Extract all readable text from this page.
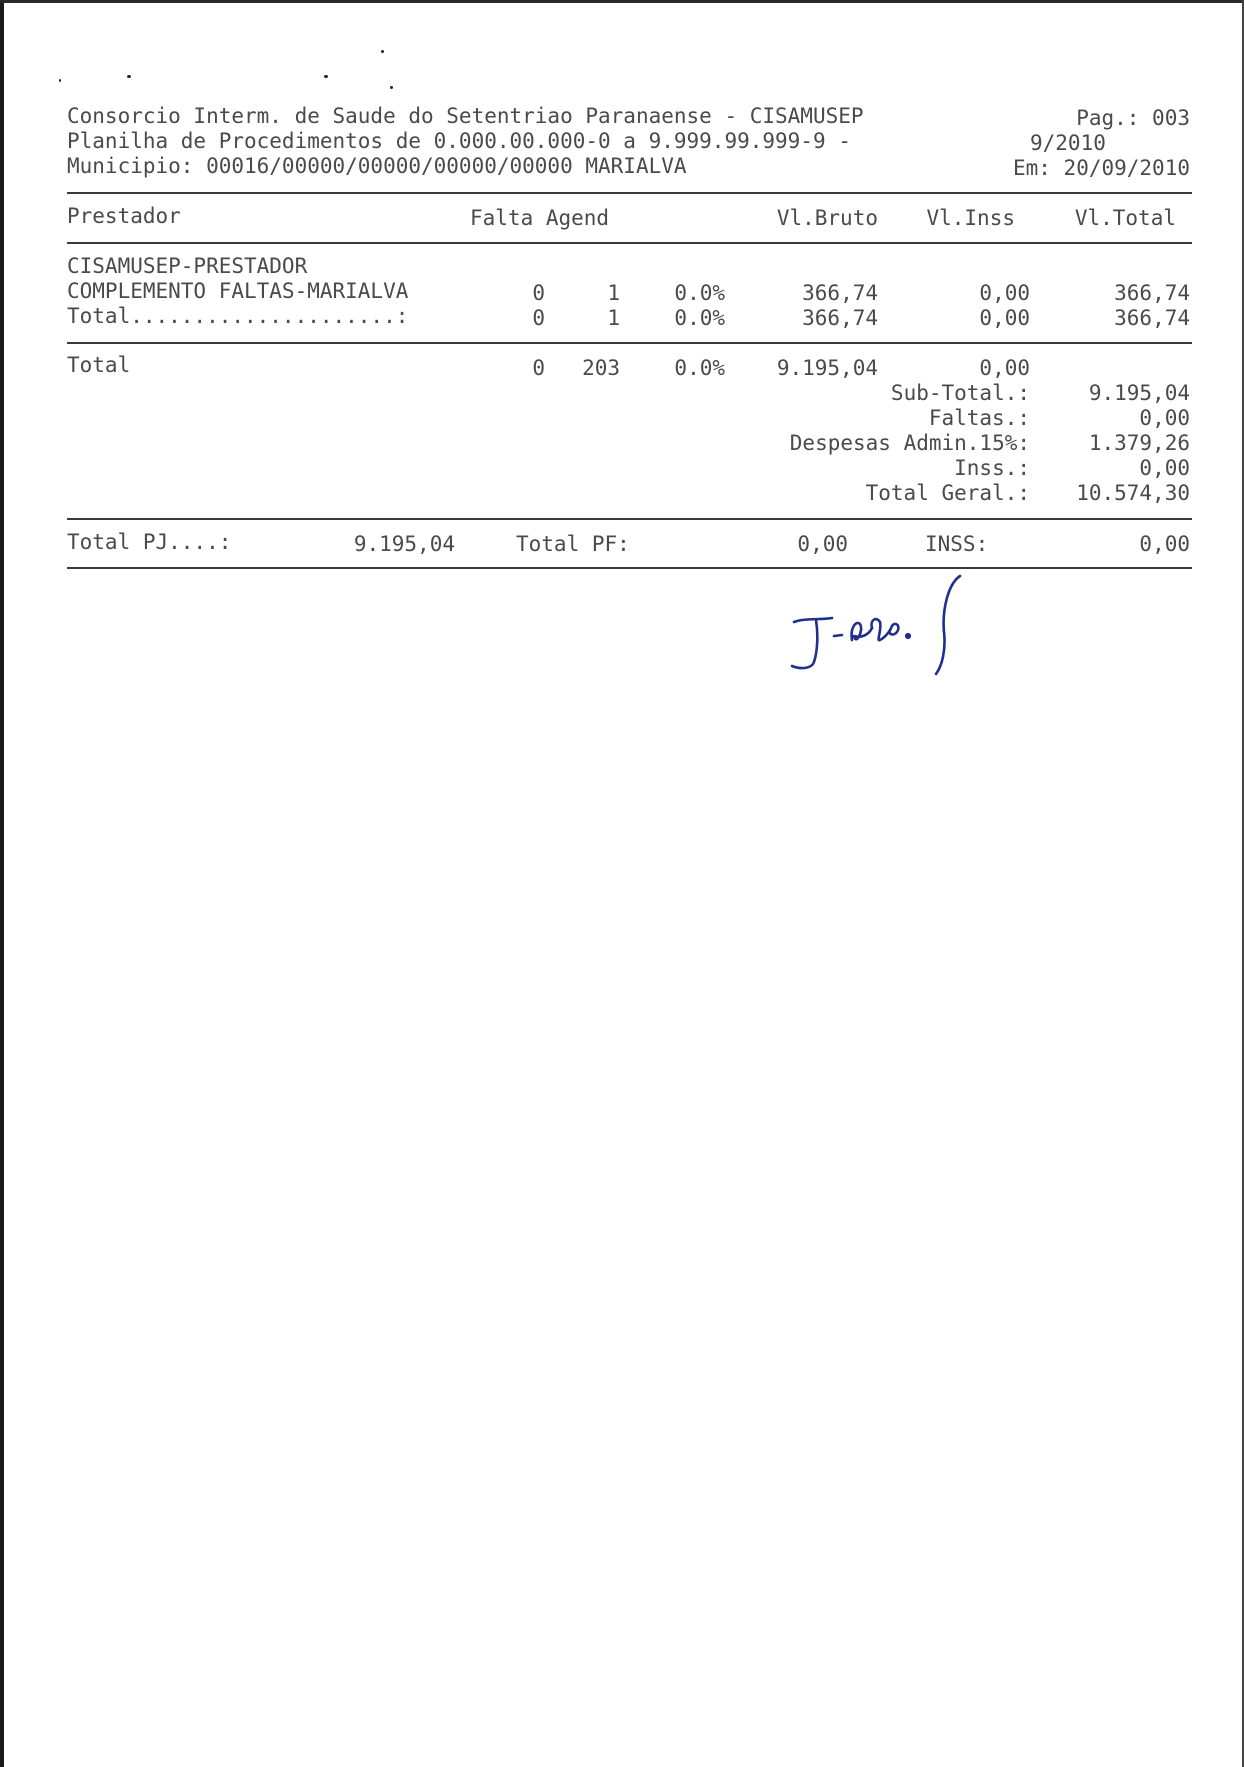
Consorcio Interm. de Saude do Setentriao Paranaense - CISAMUSEP	Pag.: 003
Planilha de Procedimentos de 0.000.00.000-0 a 9.999.99.999-9 -	9/2010
Municipio: 00016/00000/00000/00000/00000 MARIALVA	Em: 20/09/2010
Prestador	Falta Agend	Vl.Bruto	Vl.Inss	Vl.Total
CISAMUSEP-PRESTADOR
COMPLEMENTO FALTAS-MARIALVA	0	1	0.0%	366,74	0,00	366,74
Total.....................:	0	1	0.0%	366,74	0,00	366,74
Total	0	203	0.0%	9.195,04	0,00
Sub-Total.:	9.195,04
Faltas.:	0,00
Despesas Admin.15%:	1.379,26
Inss.:	0,00
Total Geral.:	10.574,30
Total PJ....:	9.195,04	Total PF:	0,00	INSS:	0,00
